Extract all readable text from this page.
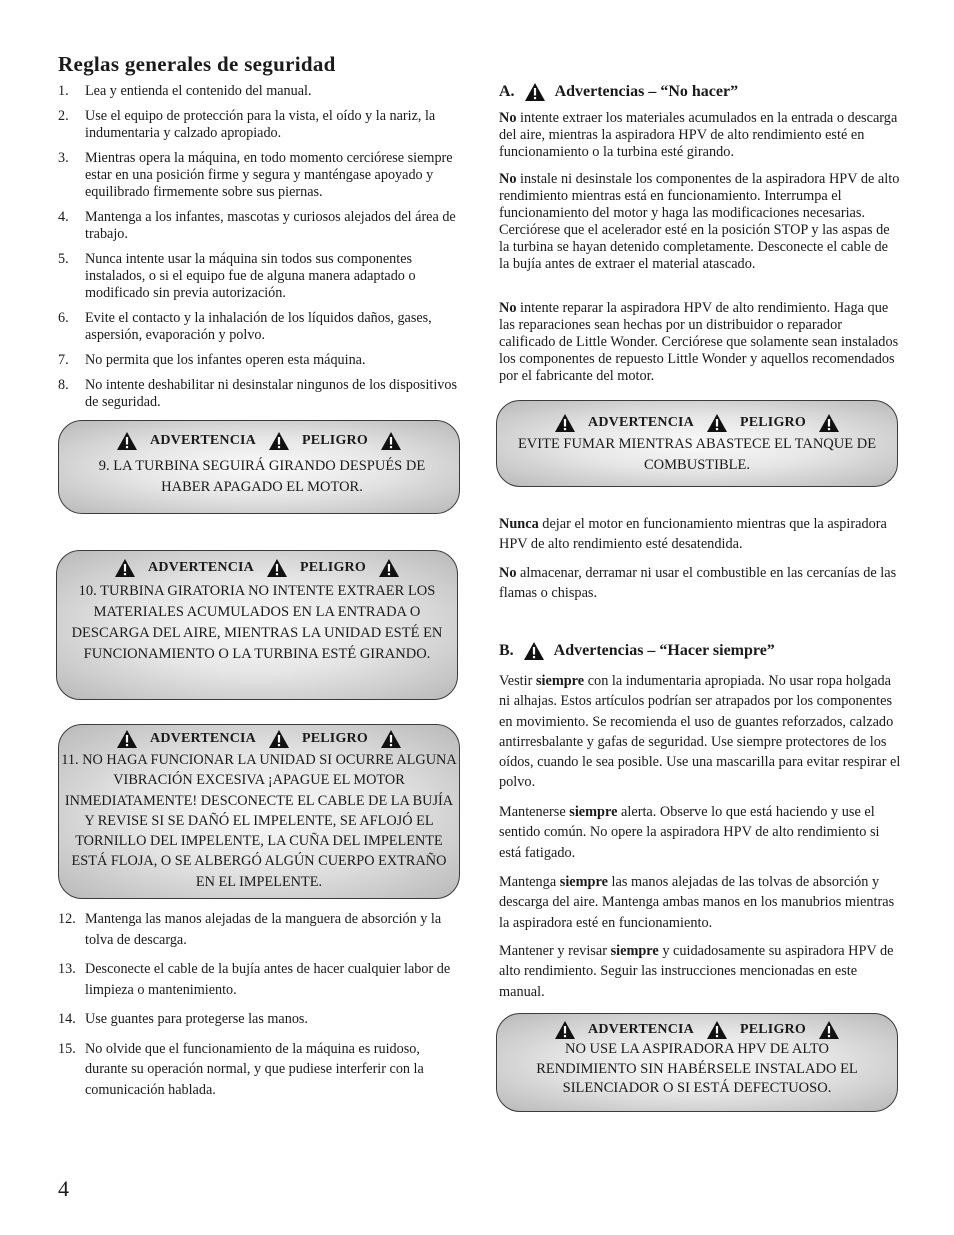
Reglas generales de seguridad
1. Lea y entienda el contenido del manual.
2. Use el equipo de protección para la vista, el oído y la nariz, la indumentaria y calzado apropiado.
3. Mientras opera la máquina, en todo momento cerciórese siempre estar en una posición firme y segura y manténgase apoyado y equilibrado firmemente sobre sus piernas.
4. Mantenga a los infantes, mascotas y curiosos alejados del área de trabajo.
5. Nunca intente usar la máquina sin todos sus componentes instalados, o si el equipo fue de alguna manera adaptado o modificado sin previa autorización.
6. Evite el contacto y la inhalación de los líquidos daños, gases, aspersión, evaporación y polvo.
7. No permita que los infantes operen esta máquina.
8. No intente deshabilitar ni desinstalar ningunos de los dispositivos de seguridad.
ADVERTENCIA	PELIGRO
9. LA TURBINA SEGUIRÁ GIRANDO DESPUÉS DE HABER APAGADO EL MOTOR.
ADVERTENCIA	PELIGRO
10. TURBINA GIRATORIA NO INTENTE EXTRAER LOS MATERIALES ACUMULADOS EN LA ENTRADA O DESCARGA DEL AIRE, MIENTRAS LA UNIDAD ESTÉ EN FUNCIONAMIENTO O LA TURBINA ESTÉ GIRANDO.
ADVERTENCIA	PELIGRO
11. NO HAGA FUNCIONAR LA UNIDAD SI OCURRE ALGUNA VIBRACIÓN EXCESIVA ¡APAGUE EL MOTOR INMEDIATAMENTE! DESCONECTE EL CABLE DE LA BUJÍA Y REVISE SI SE DAÑÓ EL IMPELENTE, SE AFLOJÓ EL TORNILLO DEL IMPELENTE, LA CUÑA DEL IMPELENTE ESTÁ FLOJA, O SE ALBERGÓ ALGÚN CUERPO EXTRAÑO EN EL IMPELENTE.
12. Mantenga las manos alejadas de la manguera de absorción y la tolva de descarga.
13. Desconecte el cable de la bujía antes de hacer cualquier labor de limpieza o mantenimiento.
14. Use guantes para protegerse las manos.
15. No olvide que el funcionamiento de la máquina es ruidoso, durante su operación normal, y que pudiese interferir con la comunicación hablada.
A.	Advertencias – “No hacer”
No intente extraer los materiales acumulados en la entrada o descarga del aire, mientras la aspiradora HPV de alto rendimiento esté en funcionamiento o la turbina esté girando.
No instale ni desinstale los componentes de la aspiradora HPV de alto rendimiento mientras está en funcionamiento. Interrumpa el funcionamiento del motor y haga las modificaciones necesarias. Cerciórese que el acelerador esté en la posición STOP y las aspas de la turbina se hayan detenido completamente. Desconecte el cable de la bujía antes de extraer el material atascado.
No intente reparar la aspiradora HPV de alto rendimiento. Haga que las reparaciones sean hechas por un distribuidor o reparador calificado de Little Wonder. Cerciórese que solamente sean instalados los componentes de repuesto Little Wonder y aquellos recomendados por el fabricante del motor.
ADVERTENCIA	PELIGRO
EVITE FUMAR MIENTRAS ABASTECE EL TANQUE DE COMBUSTIBLE.
Nunca dejar el motor en funcionamiento mientras que la aspiradora HPV de alto rendimiento esté desatendida.
No almacenar, derramar ni usar el combustible en las cercanías de las flamas o chispas.
B.	Advertencias – “Hacer siempre”
Vestir siempre con la indumentaria apropiada. No usar ropa holgada ni alhajas. Estos artículos podrían ser atrapados por los componentes en movimiento. Se recomienda el uso de guantes reforzados, calzado antirresbalante y gafas de seguridad. Use siempre protectores de los oídos, cuando le sea posible. Use una mascarilla para evitar respirar el polvo.
Mantenerse siempre alerta. Observe lo que está haciendo y use el sentido común. No opere la aspiradora HPV de alto rendimiento si está fatigado.
Mantenga siempre las manos alejadas de las tolvas de absorción y descarga del aire. Mantenga ambas manos en los manubrios mientras la aspiradora esté en funcionamiento.
Mantener y revisar siempre y cuidadosamente su aspiradora HPV de alto rendimiento. Seguir las instrucciones mencionadas en este manual.
ADVERTENCIA	PELIGRO
NO USE LA ASPIRADORA HPV DE ALTO RENDIMIENTO SIN HABÉRSELE INSTALADO EL SILENCIADOR O SI ESTÁ DEFECTUOSO.
4
